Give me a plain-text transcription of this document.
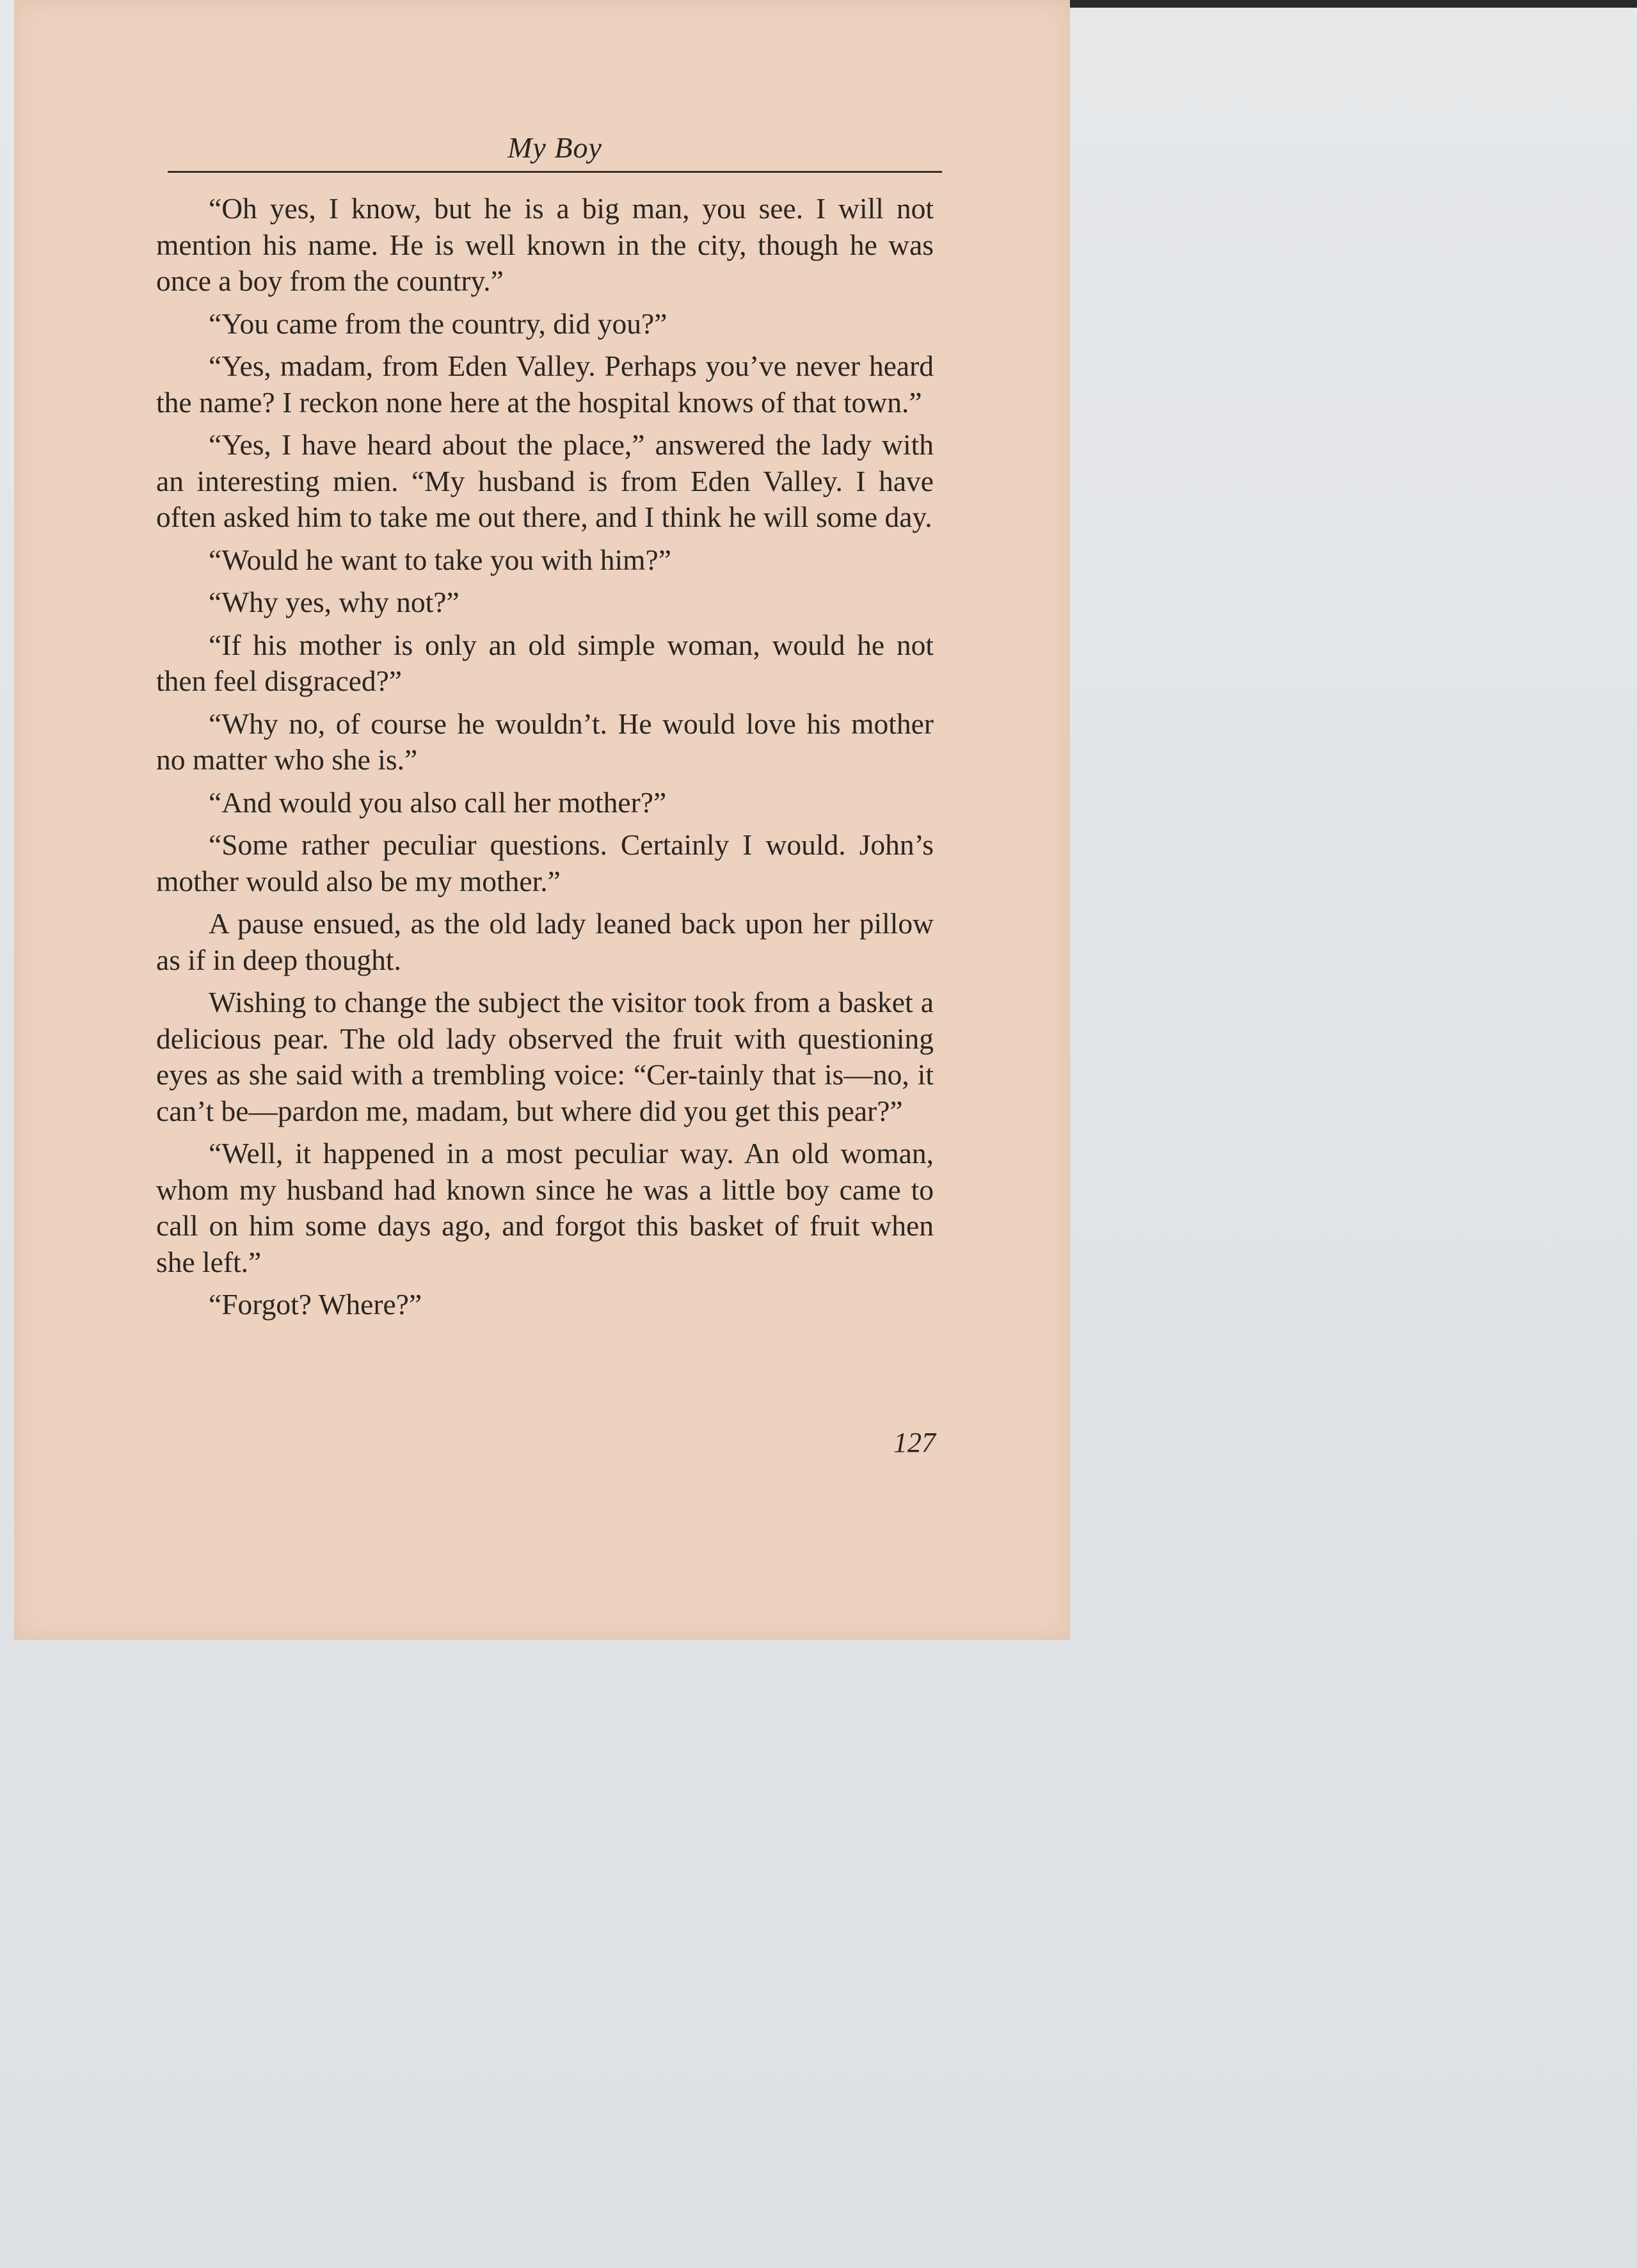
My Boy

“Oh yes, I know, but he is a big man, you see. I will not mention his name. He is well known in the city, though he was once a boy from the country.”

“You came from the country, did you?”

“Yes, madam, from Eden Valley. Perhaps you’ve never heard the name? I reckon none here at the hospital knows of that town.”

“Yes, I have heard about the place,” answered the lady with an interesting mien. “My husband is from Eden Valley. I have often asked him to take me out there, and I think he will some day.

“Would he want to take you with him?”

“Why yes, why not?”

“If his mother is only an old simple woman, would he not then feel disgraced?”

“Why no, of course he wouldn’t. He would love his mother no matter who she is.”

“And would you also call her mother?”

“Some rather peculiar questions. Certainly I would. John’s mother would also be my mother.”

A pause ensued, as the old lady leaned back upon her pillow as if in deep thought.

Wishing to change the subject the visitor took from a basket a delicious pear. The old lady observed the fruit with questioning eyes as she said with a trembling voice: “Cer-tainly that is—no, it can’t be—pardon me, madam, but where did you get this pear?”

“Well, it happened in a most peculiar way. An old woman, whom my husband had known since he was a little boy came to call on him some days ago, and forgot this basket of fruit when she left.”

“Forgot? Where?”

127
